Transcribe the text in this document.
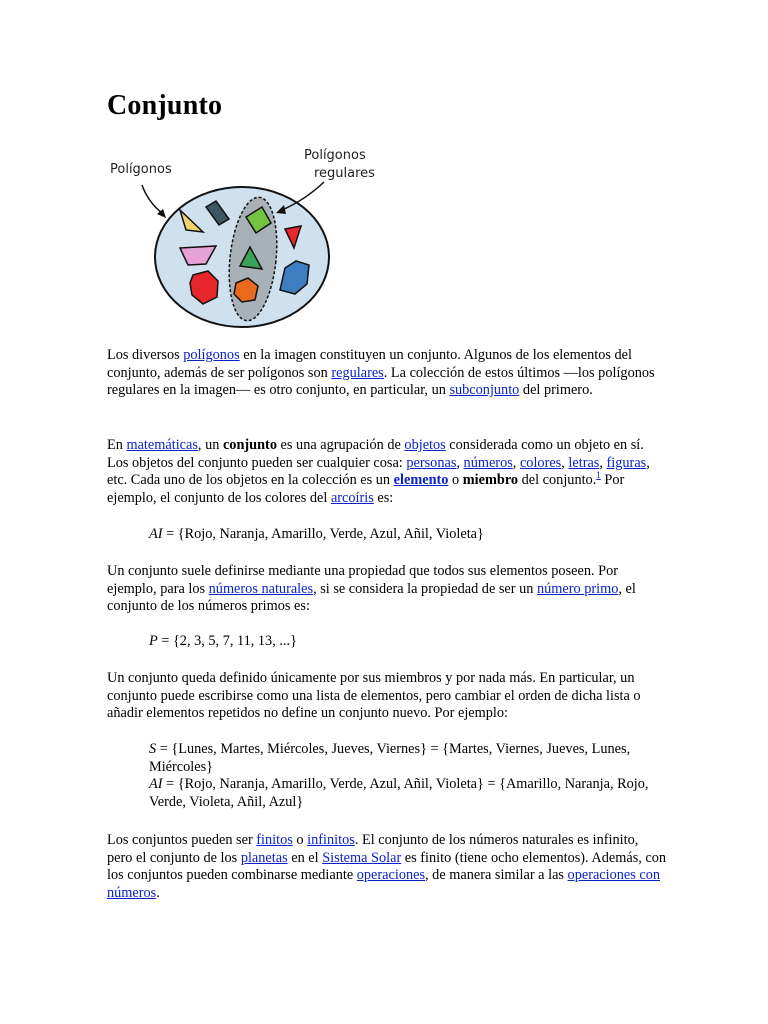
Conjunto
Polígonos
Polígonos
regulares

Los diversos polígonos en la imagen constituyen un conjunto. Algunos de los elementos del conjunto, además de ser polígonos son regulares. La colección de estos últimos —los polígonos regulares en la imagen— es otro conjunto, en particular, un subconjunto del primero.

En matemáticas, un conjunto es una agrupación de objetos considerada como un objeto en sí. Los objetos del conjunto pueden ser cualquier cosa: personas, números, colores, letras, figuras, etc. Cada uno de los objetos en la colección es un elemento o miembro del conjunto.$^1$ Por ejemplo, el conjunto de los colores del arcoíris es:

AI = {Rojo, Naranja, Amarillo, Verde, Azul, Añil, Violeta}

Un conjunto suele definirse mediante una propiedad que todos sus elementos poseen. Por ejemplo, para los números naturales, si se considera la propiedad de ser un número primo, el conjunto de los números primos es:

P = {2, 3, 5, 7, 11, 13, ...}

Un conjunto queda definido únicamente por sus miembros y por nada más. En particular, un conjunto puede escribirse como una lista de elementos, pero cambiar el orden de dicha lista o añadir elementos repetidos no define un conjunto nuevo. Por ejemplo:

S = {Lunes, Martes, Miércoles, Jueves, Viernes} = {Martes, Viernes, Jueves, Lunes, Miércoles}

AI = {Rojo, Naranja, Amarillo, Verde, Azul, Añil, Violeta} = {Amarillo, Naranja, Rojo, Verde, Violeta, Añil, Azul}

Los conjuntos pueden ser finitos o infinitos. El conjunto de los números naturales es infinito, pero el conjunto de los planetas en el Sistema Solar es finito (tiene ocho elementos). Además, con los conjuntos pueden combinarse mediante operaciones, de manera similar a las operaciones con números.
